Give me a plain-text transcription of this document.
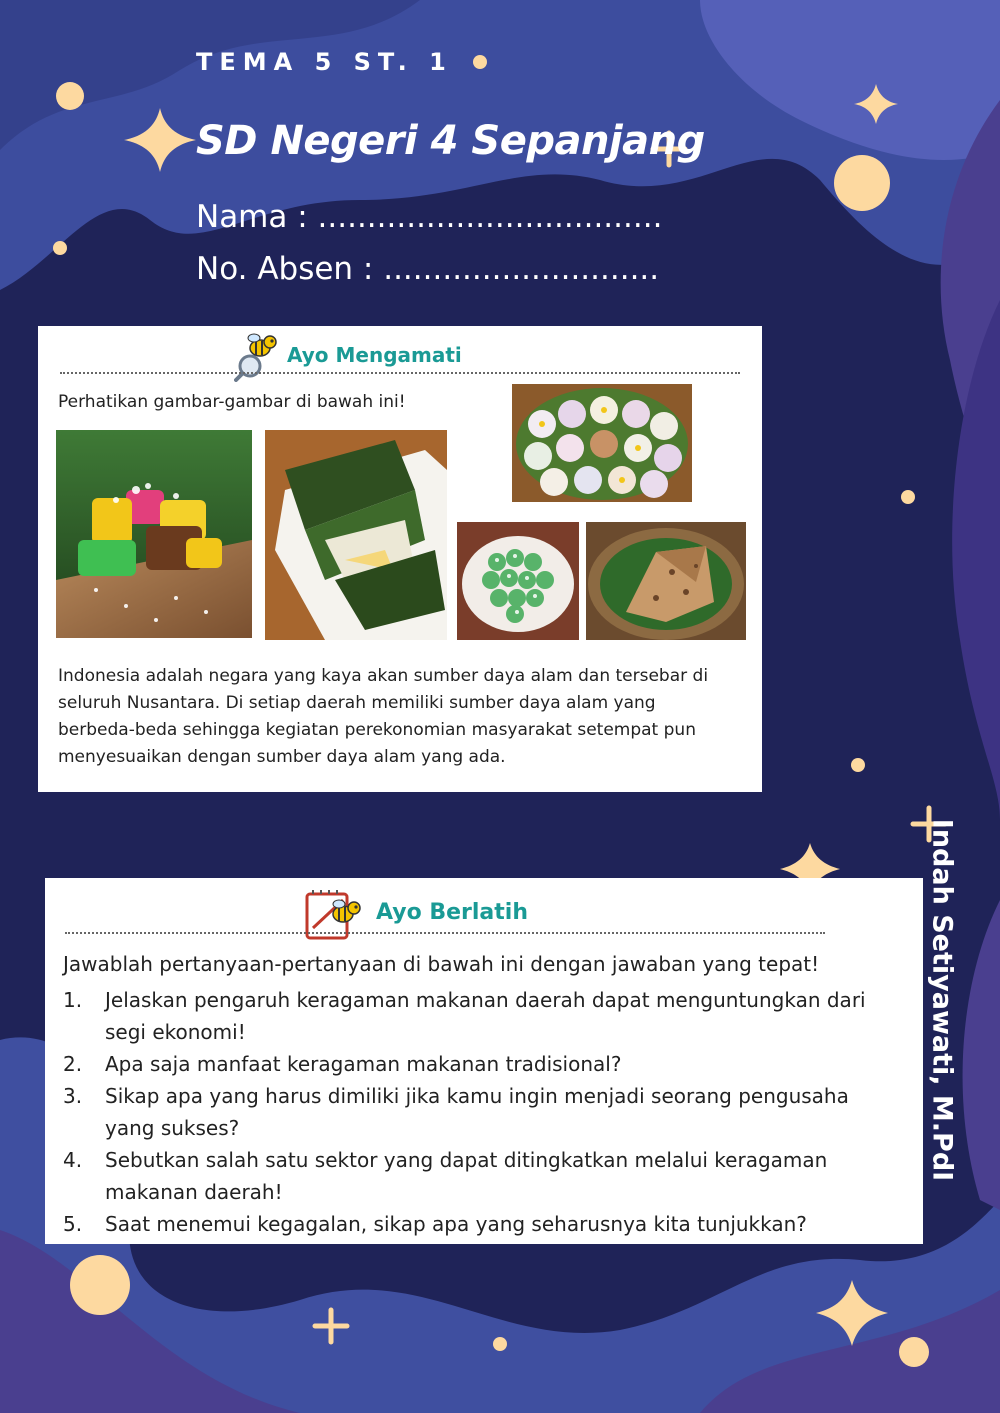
TEMA 5 ST. 1
SD Negeri 4 Sepanjang
Nama : ...................................
No. Absen : ............................
Ayo Mengamati
Perhatikan gambar-gambar di bawah ini!
Indonesia adalah negara yang kaya akan sumber daya alam dan tersebar di
seluruh Nusantara. Di setiap daerah memiliki sumber daya alam yang
berbeda-beda sehingga kegiatan perekonomian masyarakat setempat pun
menyesuaikan dengan sumber daya alam yang ada.
Ayo Berlatih
Jawablah pertanyaan-pertanyaan di bawah ini dengan jawaban yang tepat!
1.	Jelaskan pengaruh keragaman makanan daerah dapat menguntungkan dari
segi ekonomi!
2.	Apa saja manfaat keragaman makanan tradisional?
3.	Sikap apa yang harus dimiliki jika kamu ingin menjadi seorang pengusaha
yang sukses?
4.	Sebutkan salah satu sektor yang dapat ditingkatkan melalui keragaman
makanan daerah!
5.	Saat menemui kegagalan, sikap apa yang seharusnya kita tunjukkan?
Indah Setiyawati, M.PdI
